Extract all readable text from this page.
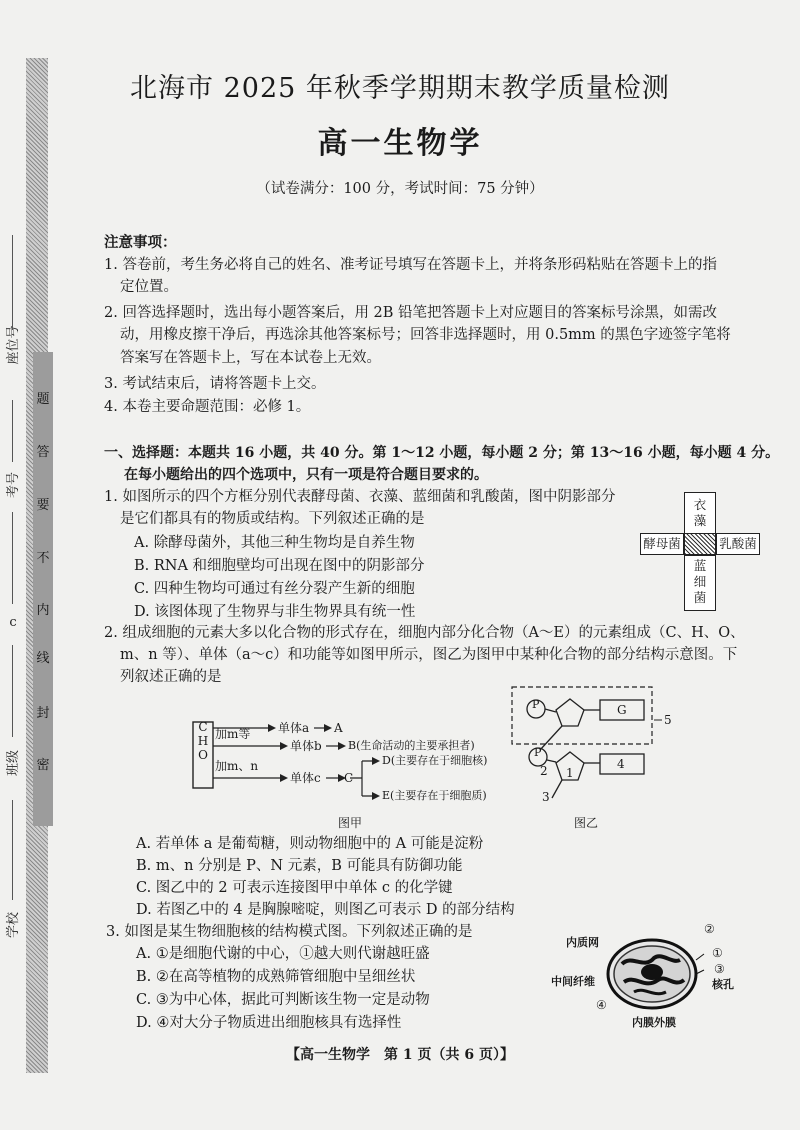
题
答
要
不
内
线
封
密
座位号
考号
ⅽ
班级
学校
北海市 2025 年秋季学期期末教学质量检测
高一生物学
（试卷满分：100 分，考试时间：75 分钟）
注意事项：
1. 答卷前，考生务必将自己的姓名、准考证号填写在答题卡上，并将条形码粘贴在答题卡上的指
定位置。
2. 回答选择题时，选出每小题答案后，用 2B 铅笔把答题卡上对应题目的答案标号涂黑，如需改
动，用橡皮擦干净后，再选涂其他答案标号；回答非选择题时，用 0.5mm 的黑色字迹签字笔将
答案写在答题卡上，写在本试卷上无效。
3. 考试结束后，请将答题卡上交。
4. 本卷主要命题范围：必修 1。
一、选择题：本题共 16 小题，共 40 分。第 1～12 小题，每小题 2 分；第 13～16 小题，每小题 4 分。
在每小题给出的四个选项中，只有一项是符合题目要求的。
1. 如图所示的四个方框分别代表酵母菌、衣藻、蓝细菌和乳酸菌，图中阴影部分
是它们都具有的物质或结构。下列叙述正确的是
A. 除酵母菌外，其他三种生物均是自养生物
B. RNA 和细胞壁均可出现在图中的阴影部分
C. 四种生物均可通过有丝分裂产生新的细胞
D. 该图体现了生物界与非生物界具有统一性
衣藻
酵母菌	乳酸菌
蓝细菌
2. 组成细胞的元素大多以化合物的形式存在，细胞内部分化合物（A～E）的元素组成（C、H、O、
m、n 等）、单体（a～c）和功能等如图甲所示，图乙为图甲中某种化合物的部分结构示意图。下
列叙述正确的是
C
H
O
加m等
加m、n
单体a A
单体b B(生命活动的主要承担者)
单体c C
D(主要存在于细胞核)
E(主要存在于细胞质)
图甲
P
P
G
4
1
2
3
5
图乙
A. 若单体 a 是葡萄糖，则动物细胞中的 A 可能是淀粉
B. m、n 分别是 P、N 元素，B 可能具有防御功能
C. 图乙中的 2 可表示连接图甲中单体 c 的化学键
D. 若图乙中的 4 是胸腺嘧啶，则图乙可表示 D 的部分结构
3. 如图是某生物细胞核的结构模式图。下列叙述正确的是
A. ①是细胞代谢的中心，①越大则代谢越旺盛
B. ②在高等植物的成熟筛管细胞中呈细丝状
C. ③为中心体，据此可判断该生物一定是动物
D. ④对大分子物质进出细胞核具有选择性
内质网
中间纤维	核孔
内膜外膜
②
①
③
④
【高一生物学　第 1 页（共 6 页）】
